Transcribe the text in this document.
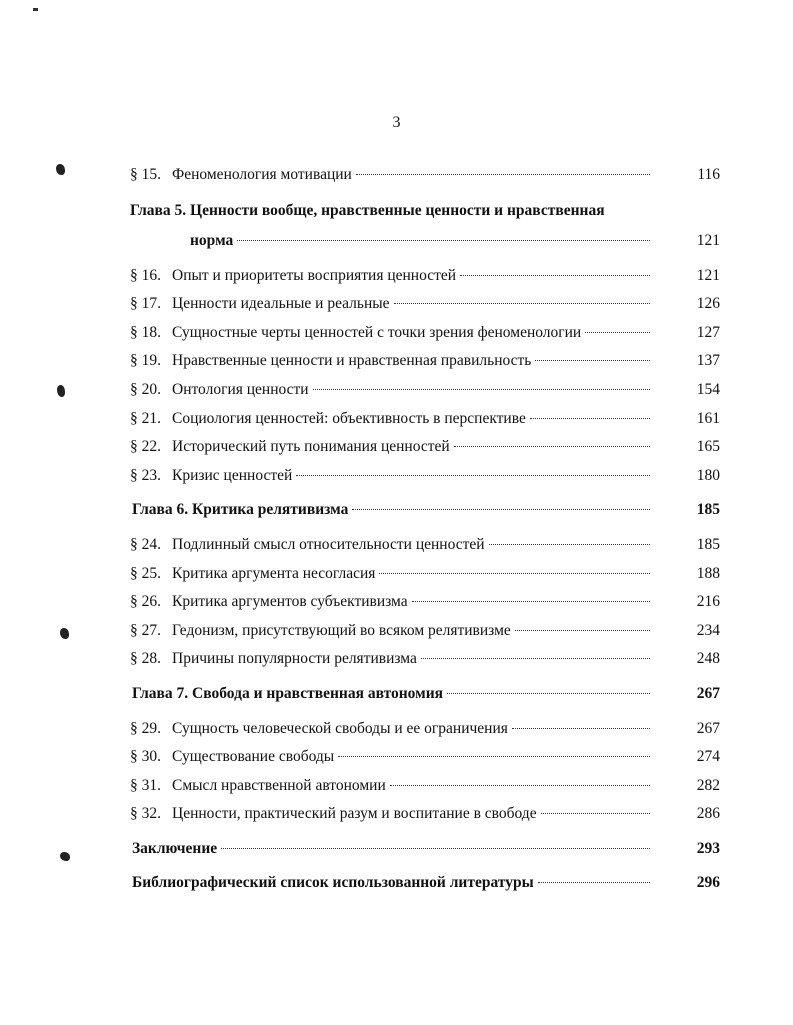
3
§ 15. Феноменология мотивации	116
Глава 5. Ценности вообще, нравственные ценности и нравственная
норма	121
§ 16. Опыт и приоритеты восприятия ценностей	121
§ 17. Ценности идеальные и реальные	126
§ 18. Сущностные черты ценностей с точки зрения феноменологии	127
§ 19. Нравственные ценности и нравственная правильность	137
§ 20. Онтология ценности	154
§ 21. Социология ценностей: объективность в перспективе	161
§ 22. Исторический путь понимания ценностей	165
§ 23. Кризис ценностей	180
Глава 6. Критика релятивизма	185
§ 24. Подлинный смысл относительности ценностей	185
§ 25. Критика аргумента несогласия	188
§ 26. Критика аргументов субъективизма	216
§ 27. Гедонизм, присутствующий во всяком релятивизме	234
§ 28. Причины популярности релятивизма	248
Глава 7. Свобода и нравственная автономия	267
§ 29. Сущность человеческой свободы и ее ограничения	267
§ 30. Существование свободы	274
§ 31. Смысл нравственной автономии	282
§ 32. Ценности, практический разум и воспитание в свободе	286
Заключение	293
Библиографический список использованной литературы	296
